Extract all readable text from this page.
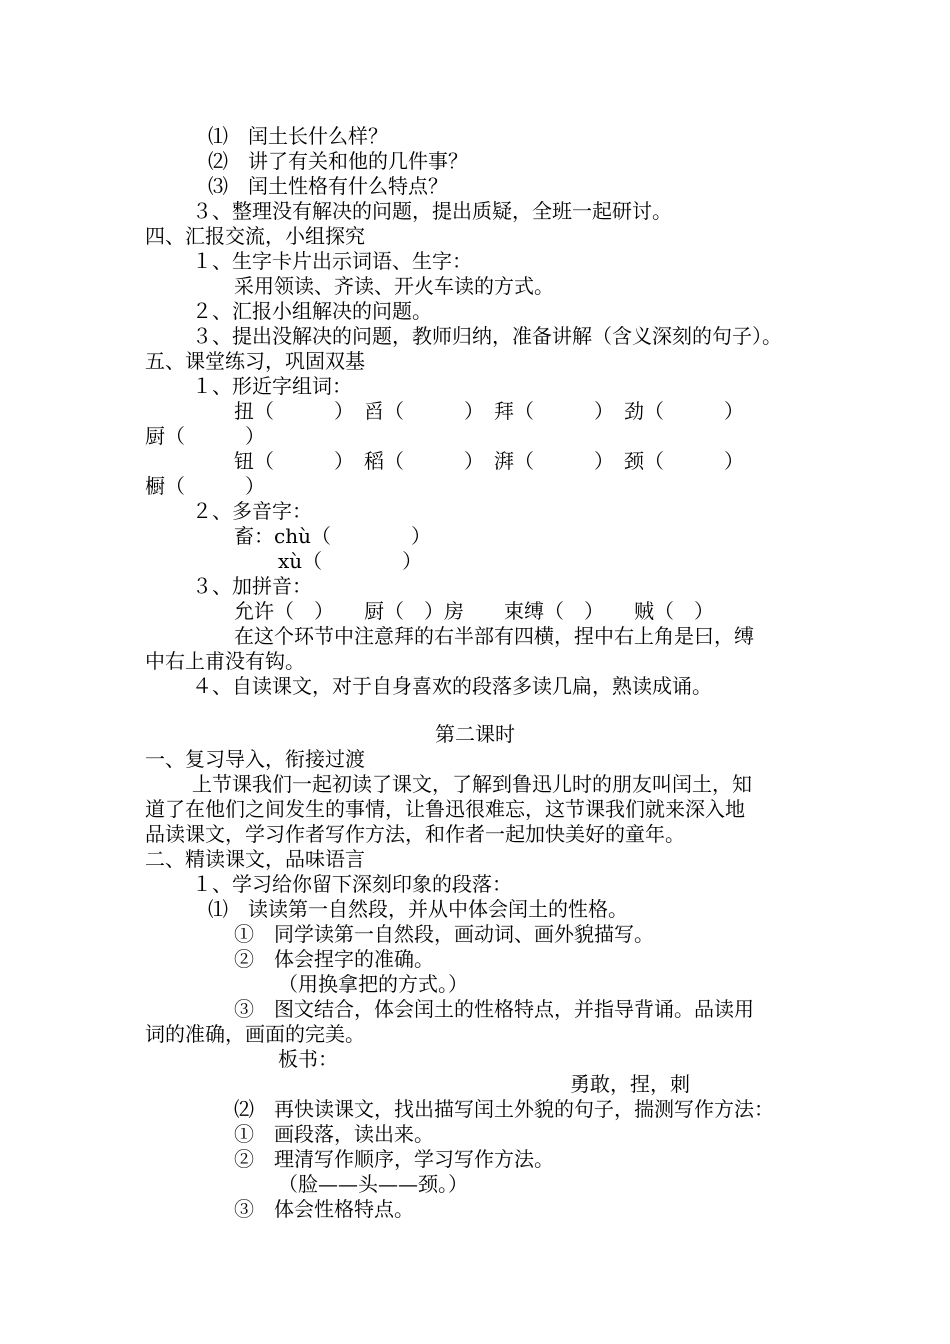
⑴　闰土长什么样？
⑵　讲了有关和他的几件事？
⑶　闰土性格有什么特点？
３、整理没有解决的问题，提出质疑，全班一起研讨。
四、汇报交流，小组探究
１、生字卡片出示词语、生字：
采用领读、齐读、开火车读的方式。
２、汇报小组解决的问题。
３、提出没解决的问题，教师归纳，准备讲解（含义深刻的句子）。
五、课堂练习，巩固双基
１、形近字组词：
扭（　　　）　舀（　　　）　拜（　　　）　劲（　　　）
厨（　　　）
钮（　　　）　稻（　　　）　湃（　　　）　颈（　　　）
橱（　　　）
２、多音字：
畜：chù（　　　　）
xù（　　　　）
３、加拼音：
允许（　）　　厨（　）房　　束缚（　）　　贼（　）
在这个环节中注意拜的右半部有四横，捏中右上角是曰，缚
中右上甫没有钩。
４、自读课文，对于自身喜欢的段落多读几扁，熟读成诵。
第二课时
一、复习导入，衔接过渡
上节课我们一起初读了课文，了解到鲁迅儿时的朋友叫闰土，知
道了在他们之间发生的事情，让鲁迅很难忘，这节课我们就来深入地
品读课文，学习作者写作方法，和作者一起加快美好的童年。
二、精读课文，品味语言
１、学习给你留下深刻印象的段落：
⑴　读读第一自然段，并从中体会闰土的性格。
①　同学读第一自然段，画动词、画外貌描写。
②　体会捏字的准确。
（用换拿把的方式。）
③　图文结合，体会闰土的性格特点，并指导背诵。品读用
词的准确，画面的完美。
板书：
勇敢，捏，刺
⑵　再快读课文，找出描写闰土外貌的句子，揣测写作方法：
①　画段落，读出来。
②　理清写作顺序，学习写作方法。
（脸——头——颈。）
③　体会性格特点。
